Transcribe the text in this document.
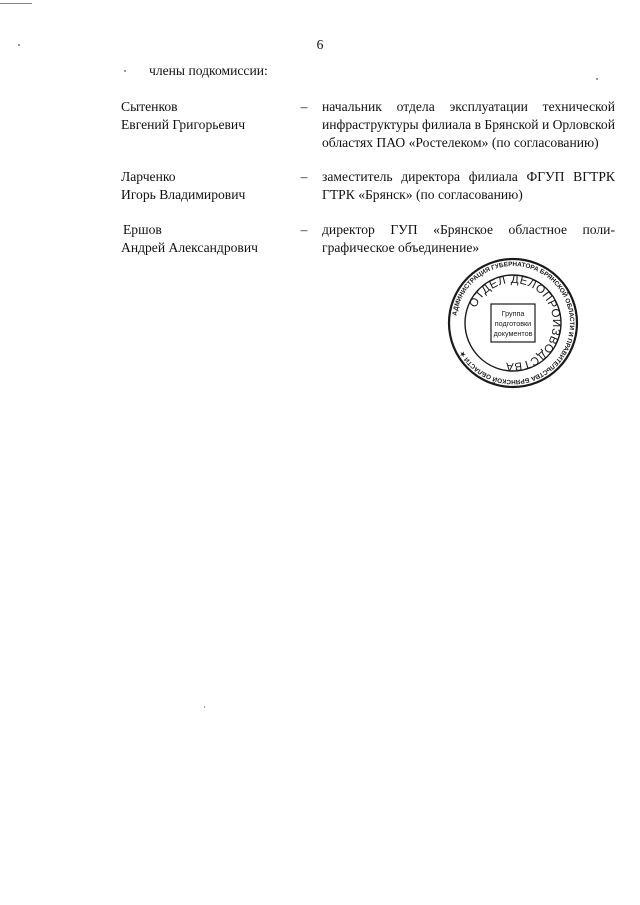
6
члены подкомиссии:
Сытенков
Евгений Григорьевич
– начальник отдела эксплуатации технической инфраструктуры филиала в Брянской и Орловской областях ПАО «Ростелеком» (по согласованию)
Ларченко
Игорь Владимирович
– заместитель директора филиала ФГУП ВГТРК ГТРК «Брянск» (по согласованию)
Ершов
Андрей Александрович
– директор ГУП «Брянское областное полиграфическое объединение»
АДМИНИСТРАЦИЯ ГУБЕРНАТОРА БРЯНСКОЙ ОБЛАСТИ И ПРАВИТЕЛЬСТВА БРЯНСКОЙ ОБЛАСТИ ★
ОТДЕЛ ДЕЛОПРОИЗВОДСТВА
Группа
подготовки
документов
